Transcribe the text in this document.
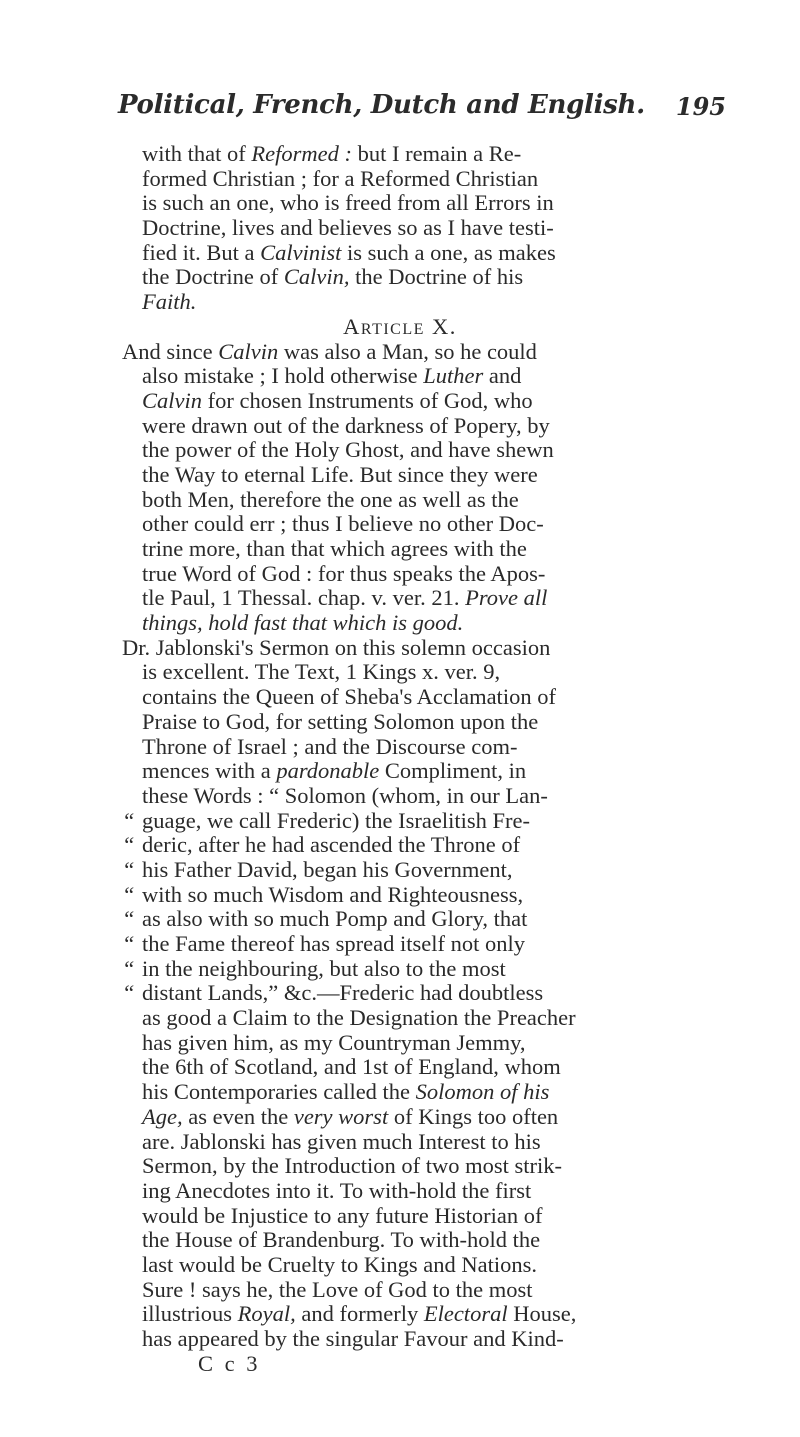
Political, French, Dutch and English. 195
with that of Reformed : but I remain a Re-
formed Christian ; for a Reformed Christian
is such an one, who is freed from all Errors in
Doctrine, lives and believes so as I have testi-
fied it. But a Calvinist is such a one, as makes
the Doctrine of Calvin, the Doctrine of his
Faith.
Article X.
And since Calvin was also a Man, so he could
also mistake ; I hold otherwise Luther and
Calvin for chosen Instruments of God, who
were drawn out of the darkness of Popery, by
the power of the Holy Ghost, and have shewn
the Way to eternal Life. But since they were
both Men, therefore the one as well as the
other could err ; thus I believe no other Doc-
trine more, than that which agrees with the
true Word of God : for thus speaks the Apos-
tle Paul, 1 Thessal. chap. v. ver. 21. Prove all
things, hold fast that which is good.
Dr. Jablonski's Sermon on this solemn occasion
is excellent. The Text, 1 Kings x. ver. 9,
contains the Queen of Sheba's Acclamation of
Praise to God, for setting Solomon upon the
Throne of Israel ; and the Discourse com-
mences with a pardonable Compliment, in
these Words : “ Solomon (whom, in our Lan-
“ guage, we call Frederic) the Israelitish Fre-
“ deric, after he had ascended the Throne of
“ his Father David, began his Government,
“ with so much Wisdom and Righteousness,
“ as also with so much Pomp and Glory, that
“ the Fame thereof has spread itself not only
“ in the neighbouring, but also to the most
“ distant Lands,” &c.—Frederic had doubtless
as good a Claim to the Designation the Preacher
has given him, as my Countryman Jemmy,
the 6th of Scotland, and 1st of England, whom
his Contemporaries called the Solomon of his
Age, as even the very worst of Kings too often
are. Jablonski has given much Interest to his
Sermon, by the Introduction of two most strik-
ing Anecdotes into it. To with-hold the first
would be Injustice to any future Historian of
the House of Brandenburg. To with-hold the
last would be Cruelty to Kings and Nations.
Sure ! says he, the Love of God to the most
illustrious Royal, and formerly Electoral House,
has appeared by the singular Favour and Kind-
C c 3
